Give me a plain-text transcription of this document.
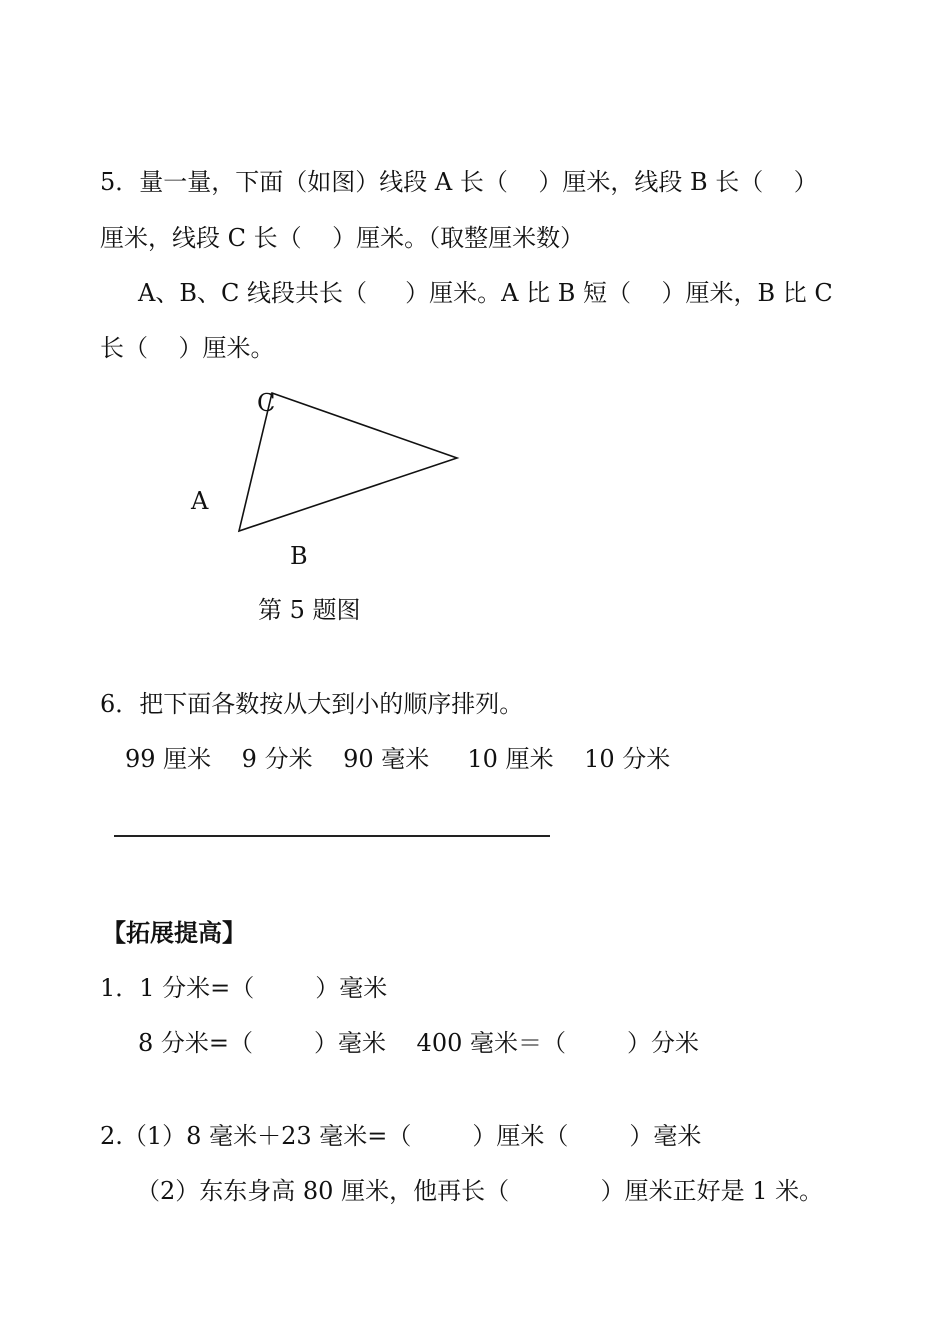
5．量一量，下面（如图）线段 A 长（    ）厘米，线段 B 长（    ）
厘米，线段 C 长（    ）厘米。（取整厘米数）
A、B、C 线段共长（     ）厘米。A 比 B 短（    ）厘米，B 比 C
长（    ）厘米。
C
A
B
第 5 题图
6．把下面各数按从大到小的顺序排列。
99 厘米    9 分米    90 毫米     10 厘米    10 分米
【拓展提高】
1．1 分米=（        ）毫米
8 分米=（        ）毫米    400 毫米＝（        ）分米
2.（1）8 毫米＋23 毫米=（        ）厘米（        ）毫米
（2）东东身高 80 厘米，他再长（            ）厘米正好是 1 米。
